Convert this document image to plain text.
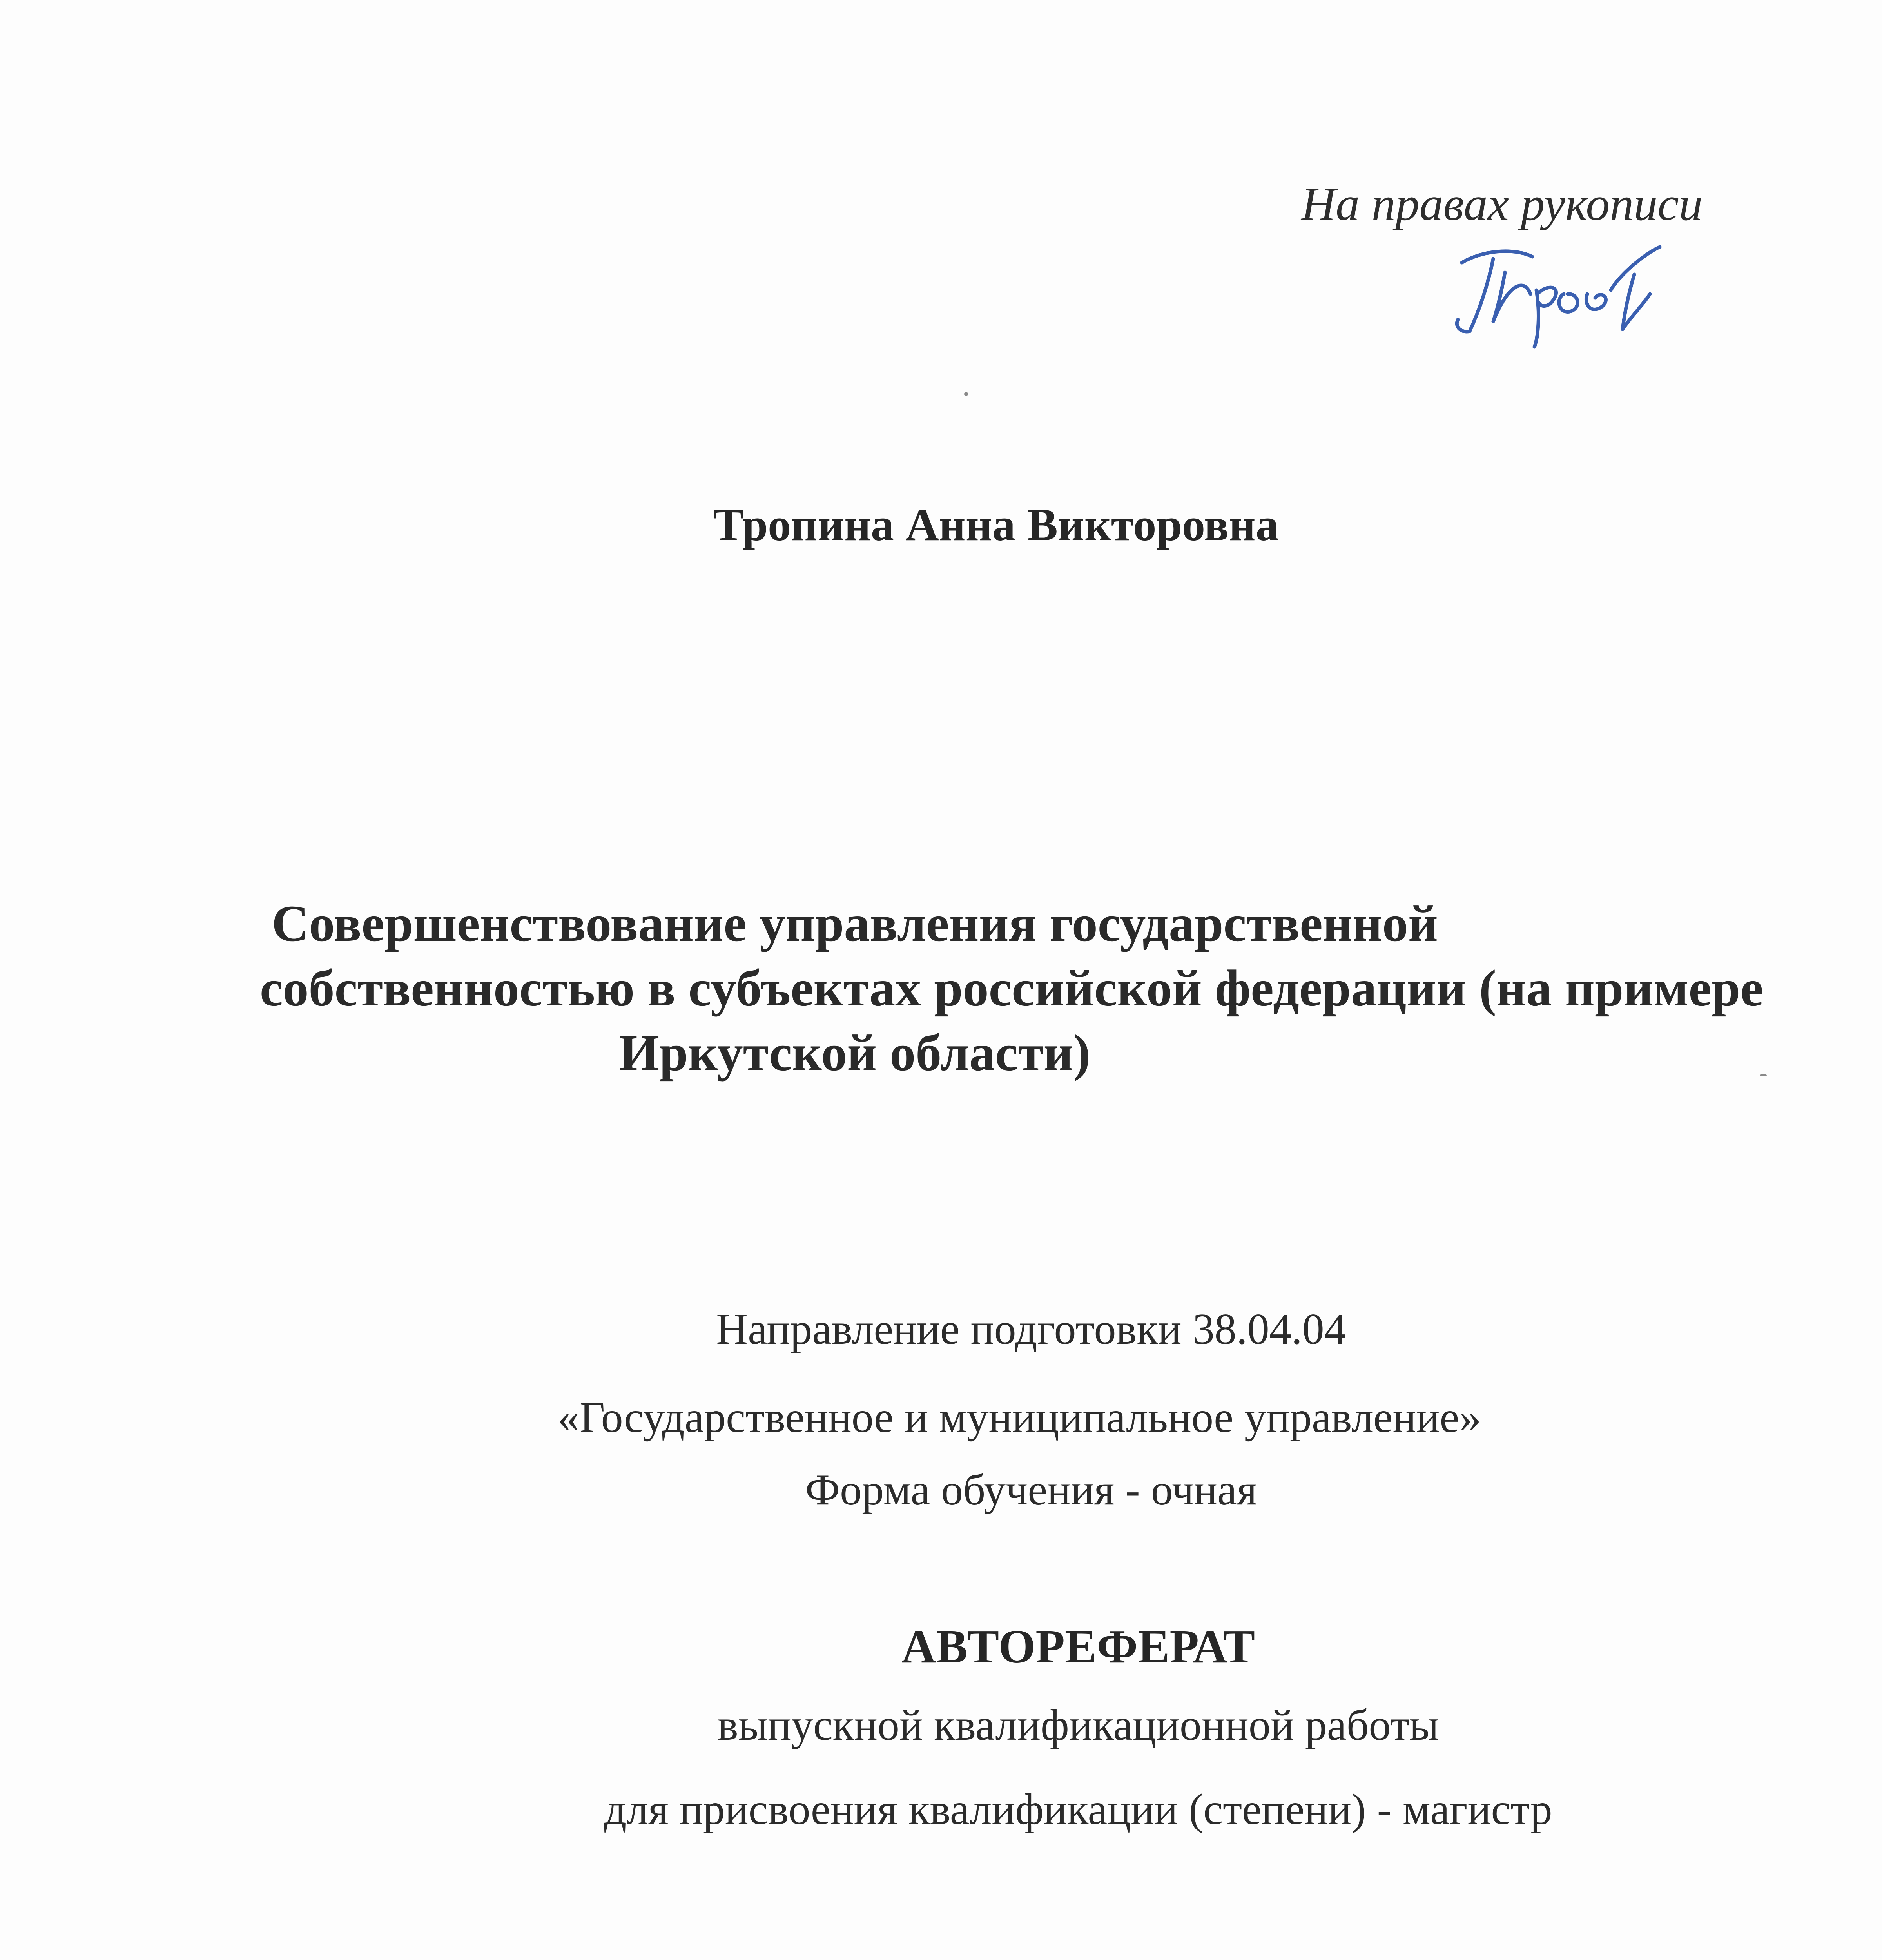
На правах рукописи
Тропина Анна Викторовна
Совершенствование управления государственной
собственностью в субъектах российской федерации (на примере
Иркутской области)
Направление подготовки 38.04.04
«Государственное и муниципальное управление»
Форма обучения - очная
АВТОРЕФЕРАТ
выпускной квалификационной работы
для присвоения квалификации (степени) - магистр
